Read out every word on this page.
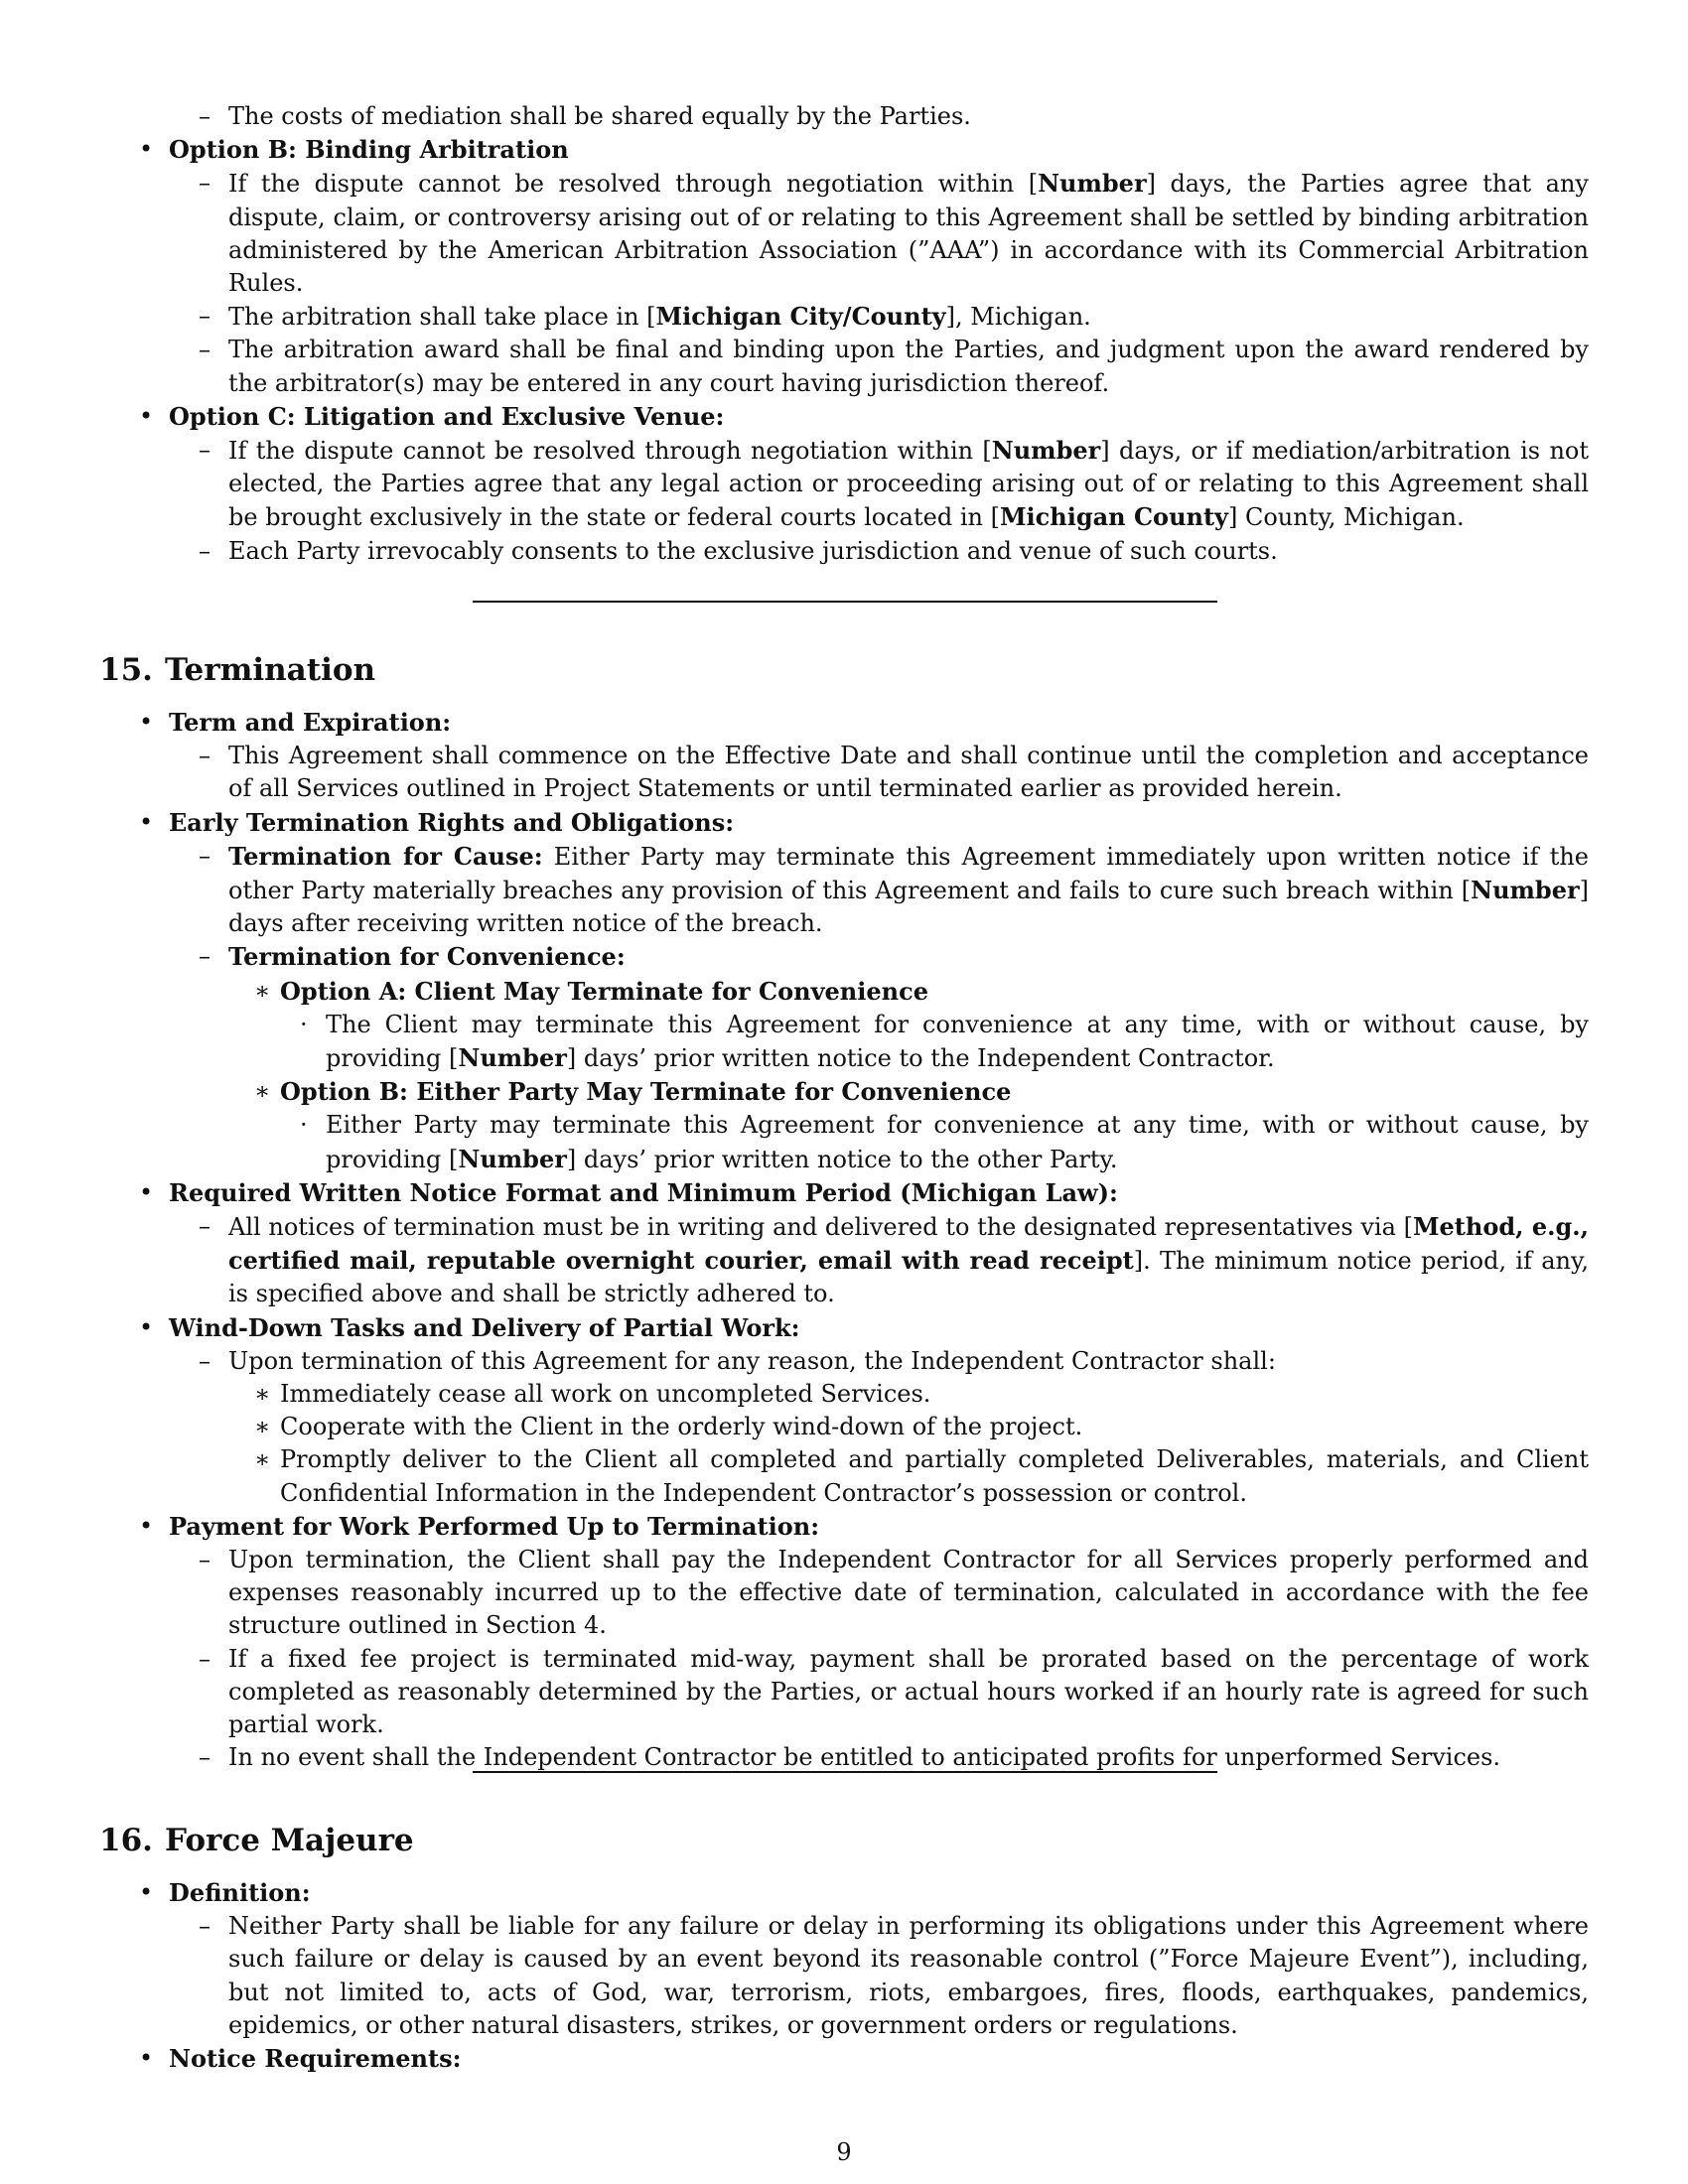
– The costs of mediation shall be shared equally by the Parties.
• Option B: Binding Arbitration
– If the dispute cannot be resolved through negotiation within [Number] days, the Parties agree that any dispute, claim, or controversy arising out of or relating to this Agreement shall be settled by binding arbitration administered by the American Arbitration Association (”AAA”) in accordance with its Commercial Arbitration Rules.
– The arbitration shall take place in [Michigan City/County], Michigan.
– The arbitration award shall be final and binding upon the Parties, and judgment upon the award rendered by the arbitrator(s) may be entered in any court having jurisdiction thereof.
• Option C: Litigation and Exclusive Venue:
– If the dispute cannot be resolved through negotiation within [Number] days, or if mediation/arbitration is not elected, the Parties agree that any legal action or proceeding arising out of or relating to this Agreement shall be brought exclusively in the state or federal courts located in [Michigan County] County, Michigan.
– Each Party irrevocably consents to the exclusive jurisdiction and venue of such courts.
15. Termination
• Term and Expiration:
– This Agreement shall commence on the Effective Date and shall continue until the completion and acceptance of all Services outlined in Project Statements or until terminated earlier as provided herein.
• Early Termination Rights and Obligations:
– Termination for Cause: Either Party may terminate this Agreement immediately upon written notice if the other Party materially breaches any provision of this Agreement and fails to cure such breach within [Number] days after receiving written notice of the breach.
– Termination for Convenience:
∗ Option A: Client May Terminate for Convenience
· The Client may terminate this Agreement for convenience at any time, with or without cause, by providing [Number] days’ prior written notice to the Independent Contractor.
∗ Option B: Either Party May Terminate for Convenience
· Either Party may terminate this Agreement for convenience at any time, with or without cause, by providing [Number] days’ prior written notice to the other Party.
• Required Written Notice Format and Minimum Period (Michigan Law):
– All notices of termination must be in writing and delivered to the designated representatives via [Method, e.g., certified mail, reputable overnight courier, email with read receipt]. The minimum notice period, if any, is specified above and shall be strictly adhered to.
• Wind-Down Tasks and Delivery of Partial Work:
– Upon termination of this Agreement for any reason, the Independent Contractor shall:
∗ Immediately cease all work on uncompleted Services.
∗ Cooperate with the Client in the orderly wind-down of the project.
∗ Promptly deliver to the Client all completed and partially completed Deliverables, materials, and Client Confidential Information in the Independent Contractor’s possession or control.
• Payment for Work Performed Up to Termination:
– Upon termination, the Client shall pay the Independent Contractor for all Services properly performed and expenses reasonably incurred up to the effective date of termination, calculated in accordance with the fee structure outlined in Section 4.
– If a fixed fee project is terminated mid-way, payment shall be prorated based on the percentage of work completed as reasonably determined by the Parties, or actual hours worked if an hourly rate is agreed for such partial work.
– In no event shall the Independent Contractor be entitled to anticipated profits for unperformed Services.
16. Force Majeure
• Definition:
– Neither Party shall be liable for any failure or delay in performing its obligations under this Agreement where such failure or delay is caused by an event beyond its reasonable control (”Force Majeure Event”), including, but not limited to, acts of God, war, terrorism, riots, embargoes, fires, floods, earthquakes, pandemics, epidemics, or other natural disasters, strikes, or government orders or regulations.
• Notice Requirements:
9
